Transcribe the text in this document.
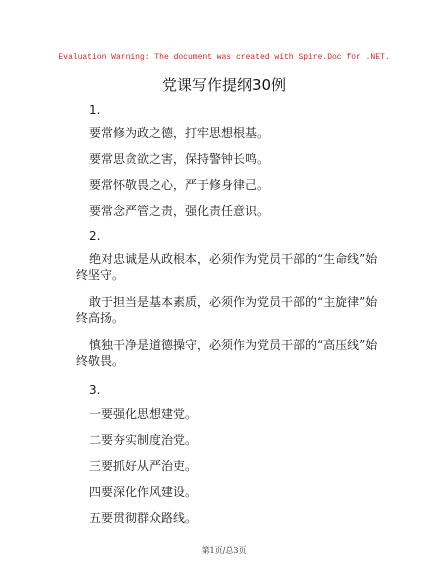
Evaluation Warning: The document was created with Spire.Doc for .NET.
党课写作提纲30例
1.
要常修为政之德，打牢思想根基。
要常思贪欲之害，保持警钟长鸣。
要常怀敬畏之心，严于修身律己。
要常念严管之责，强化责任意识。
2.
绝对忠诚是从政根本，必须作为党员干部的“生命线”始
终坚守。
敢于担当是基本素质，必须作为党员干部的“主旋律”始
终高扬。
慎独干净是道德操守，必须作为党员干部的“高压线”始
终敬畏。
3.
一要强化思想建党。
二要夯实制度治党。
三要抓好从严治吏。
四要深化作风建设。
五要贯彻群众路线。
第1页/总3页
